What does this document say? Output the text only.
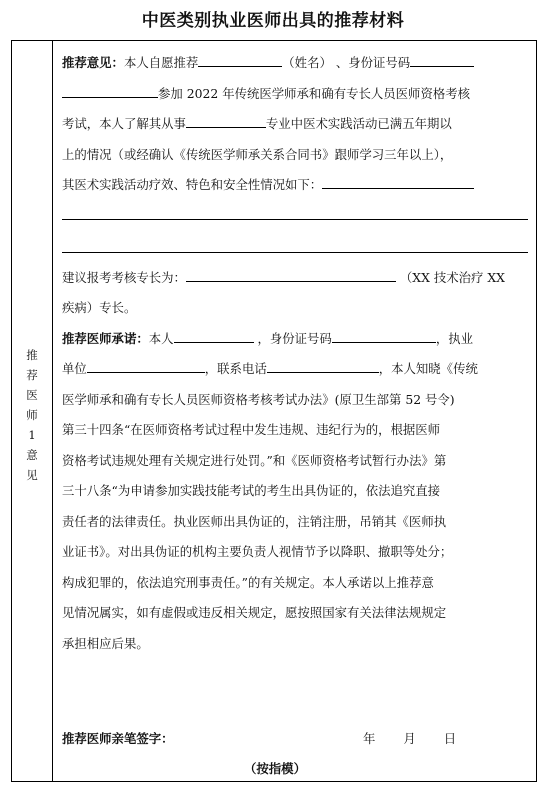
中医类别执业医师出具的推荐材料
推
荐
医
师
1
意
见
推荐意见：本人自愿推荐	（姓名） 、身份证号码
参加 2022 年传统医学师承和确有专长人员医师资格考核
考试，本人了解其从事	专业中医术实践活动已满五年期以
上的情况（或经确认《传统医学师承关系合同书》跟师学习三年以上），
其医术实践活动疗效、特色和安全性情况如下：
建议报考考核专长为：	（XX 技术治疗 XX
疾病）专长。
推荐医师承诺：本人	，身份证号码	，执业
单位	，联系电话	，本人知晓《传统
医学师承和确有专长人员医师资格考核考试办法》(原卫生部第 52 号令)
第三十四条“在医师资格考试过程中发生违规、违纪行为的，根据医师
资格考试违规处理有关规定进行处罚。”和《医师资格考试暂行办法》第
三十八条“为申请参加实践技能考试的考生出具伪证的，依法追究直接
责任者的法律责任。执业医师出具伪证的，注销注册，吊销其《医师执
业证书》。对出具伪证的机构主要负责人视情节予以降职、撤职等处分；
构成犯罪的，依法追究刑事责任。”的有关规定。本人承诺以上推荐意
见情况属实，如有虚假或违反相关规定，愿按照国家有关法律法规规定
承担相应后果。
推荐医师亲笔签字：	年 月 日
（按指模）
